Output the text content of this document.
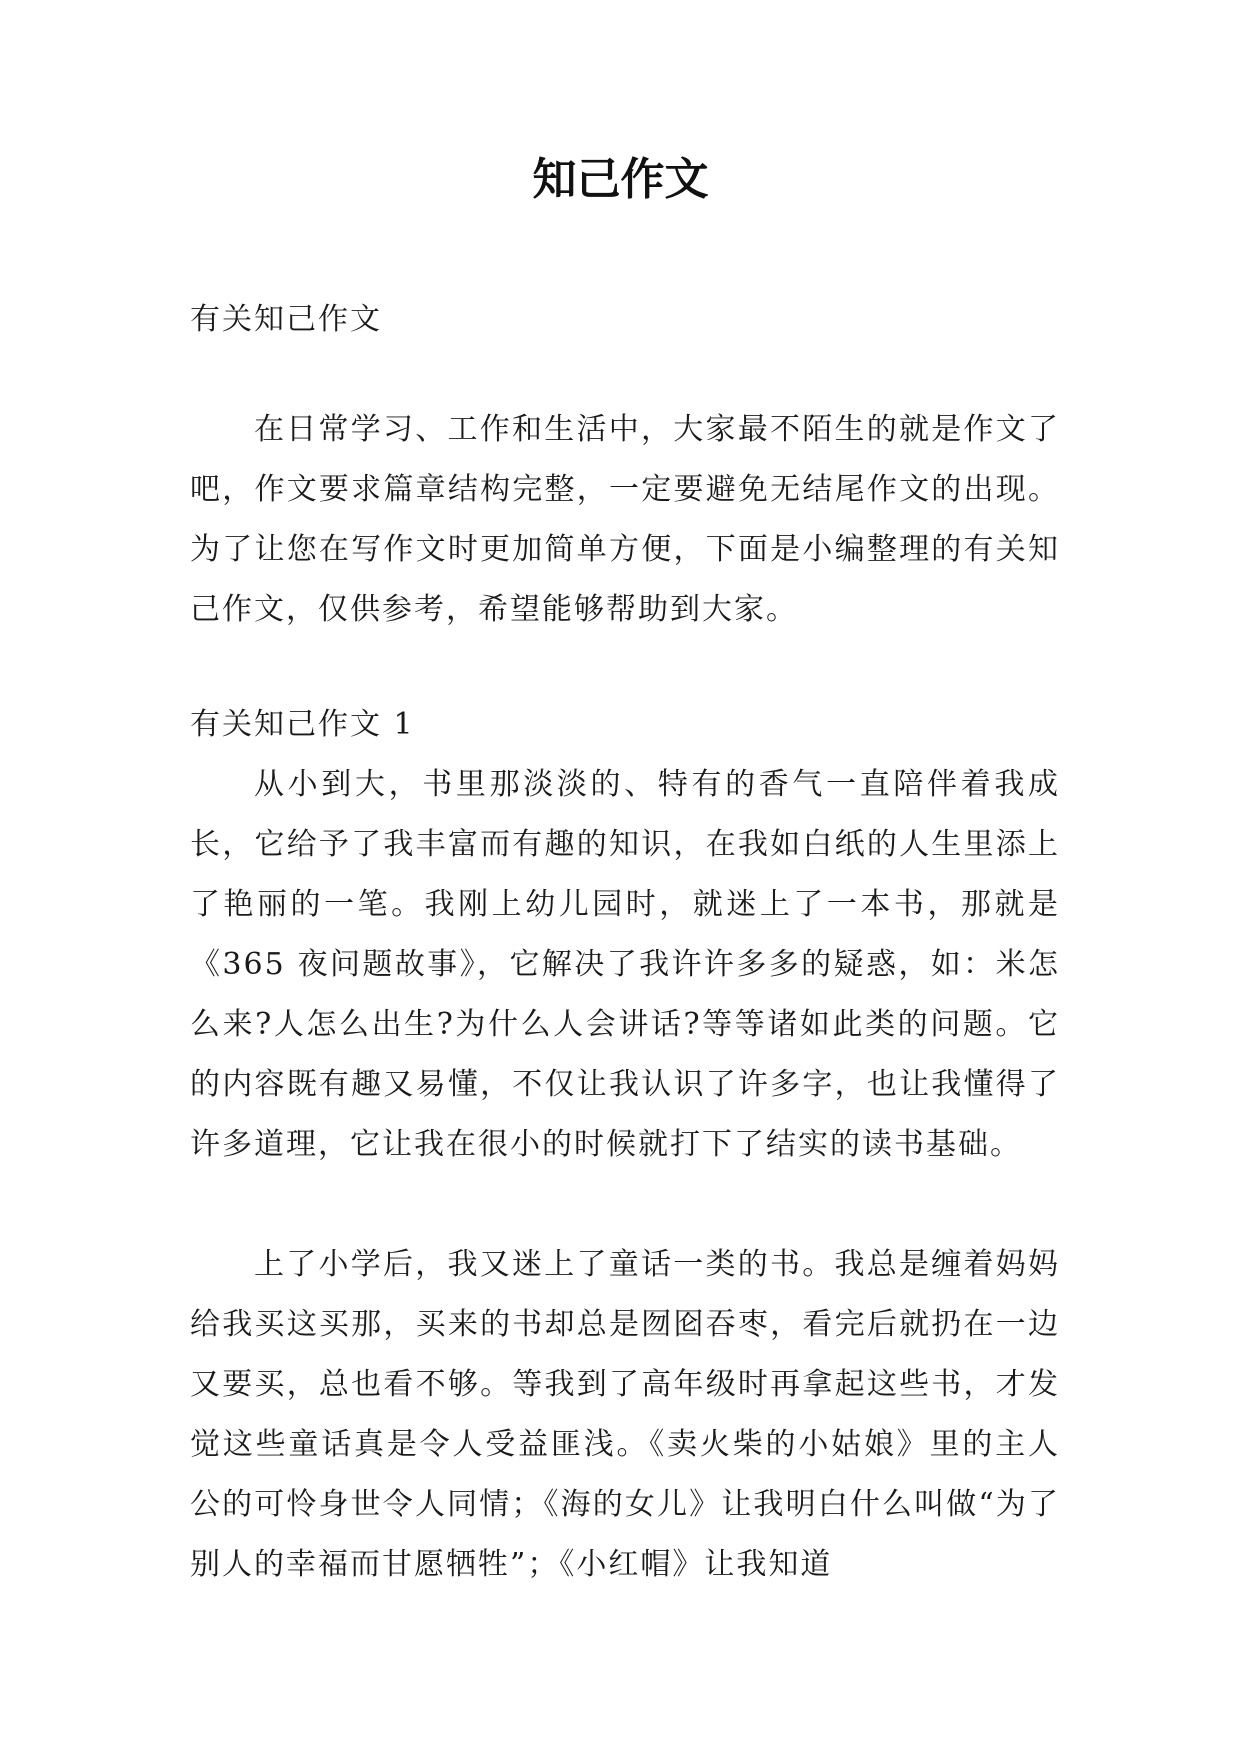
知己作文
有关知己作文

在日常学习、工作和生活中，大家最不陌生的就是作文了吧，作文要求篇章结构完整，一定要避免无结尾作文的出现。为了让您在写作文时更加简单方便，下面是小编整理的有关知己作文，仅供参考，希望能够帮助到大家。

有关知己作文 1

从小到大，书里那淡淡的、特有的香气一直陪伴着我成长，它给予了我丰富而有趣的知识，在我如白纸的人生里添上了艳丽的一笔。我刚上幼儿园时，就迷上了一本书，那就是《365 夜问题故事》，它解决了我许许多多的疑惑，如：米怎么来?人怎么出生?为什么人会讲话?等等诸如此类的问题。它的内容既有趣又易懂，不仅让我认识了许多字，也让我懂得了许多道理，它让我在很小的时候就打下了结实的读书基础。

上了小学后，我又迷上了童话一类的书。我总是缠着妈妈给我买这买那，买来的书却总是囫囵吞枣，看完后就扔在一边又要买，总也看不够。等我到了高年级时再拿起这些书，才发觉这些童话真是令人受益匪浅。《卖火柴的小姑娘》里的主人公的可怜身世令人同情；《海的女儿》让我明白什么叫做“为了别人的幸福而甘愿牺牲”；《小红帽》让我知道
